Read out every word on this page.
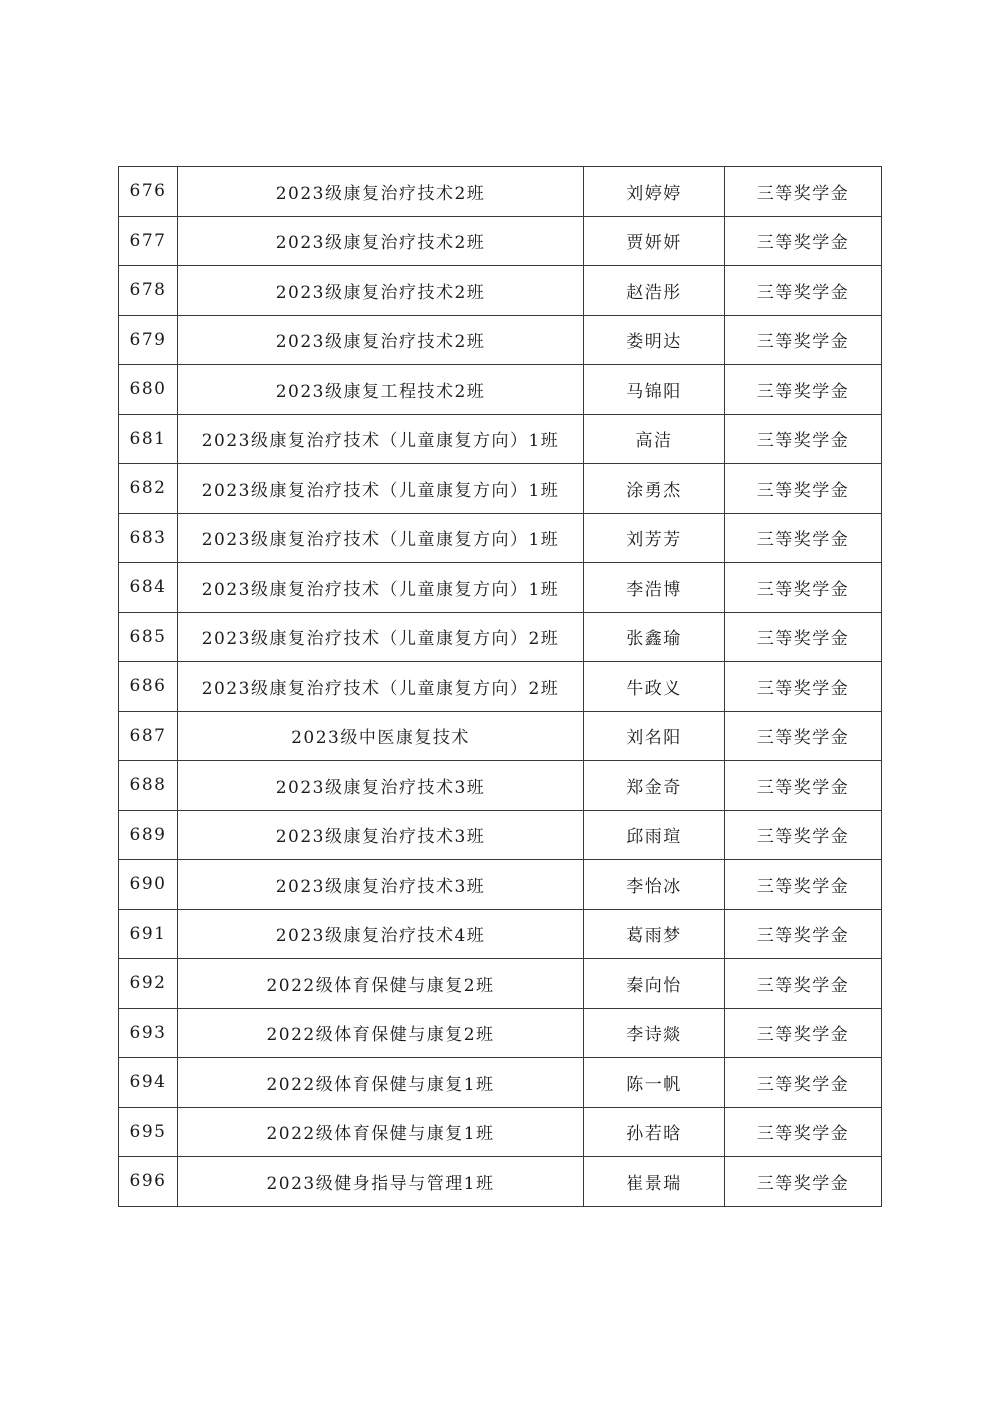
676	2023级康复治疗技术2班	刘婷婷	三等奖学金
677	2023级康复治疗技术2班	贾妍妍	三等奖学金
678	2023级康复治疗技术2班	赵浩彤	三等奖学金
679	2023级康复治疗技术2班	娄明达	三等奖学金
680	2023级康复工程技术2班	马锦阳	三等奖学金
681	2023级康复治疗技术（儿童康复方向）1班	高洁	三等奖学金
682	2023级康复治疗技术（儿童康复方向）1班	涂勇杰	三等奖学金
683	2023级康复治疗技术（儿童康复方向）1班	刘芳芳	三等奖学金
684	2023级康复治疗技术（儿童康复方向）1班	李浩博	三等奖学金
685	2023级康复治疗技术（儿童康复方向）2班	张鑫瑜	三等奖学金
686	2023级康复治疗技术（儿童康复方向）2班	牛政义	三等奖学金
687	2023级中医康复技术	刘名阳	三等奖学金
688	2023级康复治疗技术3班	郑金奇	三等奖学金
689	2023级康复治疗技术3班	邱雨瑄	三等奖学金
690	2023级康复治疗技术3班	李怡冰	三等奖学金
691	2023级康复治疗技术4班	葛雨梦	三等奖学金
692	2022级体育保健与康复2班	秦向怡	三等奖学金
693	2022级体育保健与康复2班	李诗燚	三等奖学金
694	2022级体育保健与康复1班	陈一帆	三等奖学金
695	2022级体育保健与康复1班	孙若晗	三等奖学金
696	2023级健身指导与管理1班	崔景瑞	三等奖学金
